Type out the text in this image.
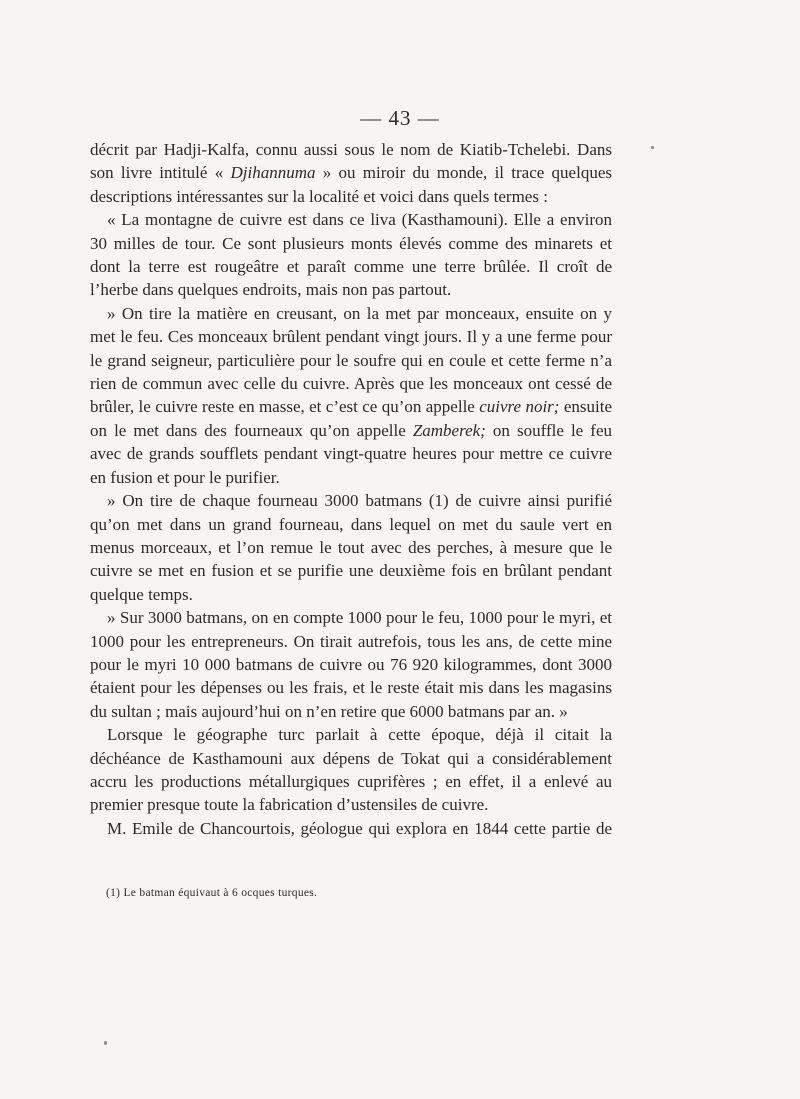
— 43 —

décrit par Hadji-Kalfa, connu aussi sous le nom de Kiatib-Tchelebi. Dans son livre intitulé « Djihannuma » ou miroir du monde, il trace quelques descriptions intéressantes sur la localité et voici dans quels termes :

« La montagne de cuivre est dans ce liva (Kasthamouni). Elle a environ 30 milles de tour. Ce sont plusieurs monts élevés comme des minarets et dont la terre est rougeâtre et paraît comme une terre brûlée. Il croît de l’herbe dans quelques endroits, mais non pas partout.

» On tire la matière en creusant, on la met par monceaux, ensuite on y met le feu. Ces monceaux brûlent pendant vingt jours. Il y a une ferme pour le grand seigneur, particulière pour le soufre qui en coule et cette ferme n’a rien de commun avec celle du cuivre. Après que les monceaux ont cessé de brûler, le cuivre reste en masse, et c’est ce qu’on appelle cuivre noir; ensuite on le met dans des fourneaux qu’on appelle Zamberek; on souffle le feu avec de grands soufflets pendant vingt-quatre heures pour mettre ce cuivre en fusion et pour le purifier.

» On tire de chaque fourneau 3000 batmans (1) de cuivre ainsi purifié qu’on met dans un grand fourneau, dans lequel on met du saule vert en menus morceaux, et l’on remue le tout avec des perches, à mesure que le cuivre se met en fusion et se purifie une deuxième fois en brûlant pendant quelque temps.

» Sur 3000 batmans, on en compte 1000 pour le feu, 1000 pour le myri, et 1000 pour les entrepreneurs. On tirait autrefois, tous les ans, de cette mine pour le myri 10 000 batmans de cuivre ou 76 920 kilogrammes, dont 3000 étaient pour les dépenses ou les frais, et le reste était mis dans les magasins du sultan ; mais aujourd’hui on n’en retire que 6000 batmans par an. »

Lorsque le géographe turc parlait à cette époque, déjà il citait la déchéance de Kasthamouni aux dépens de Tokat qui a considérablement accru les productions métallurgiques cuprifères ; en effet, il a enlevé au premier presque toute la fabrication d’ustensiles de cuivre.

M. Emile de Chancourtois, géologue qui explora en 1844 cette partie de

(1) Le batman équivaut à 6 ocques turques.
